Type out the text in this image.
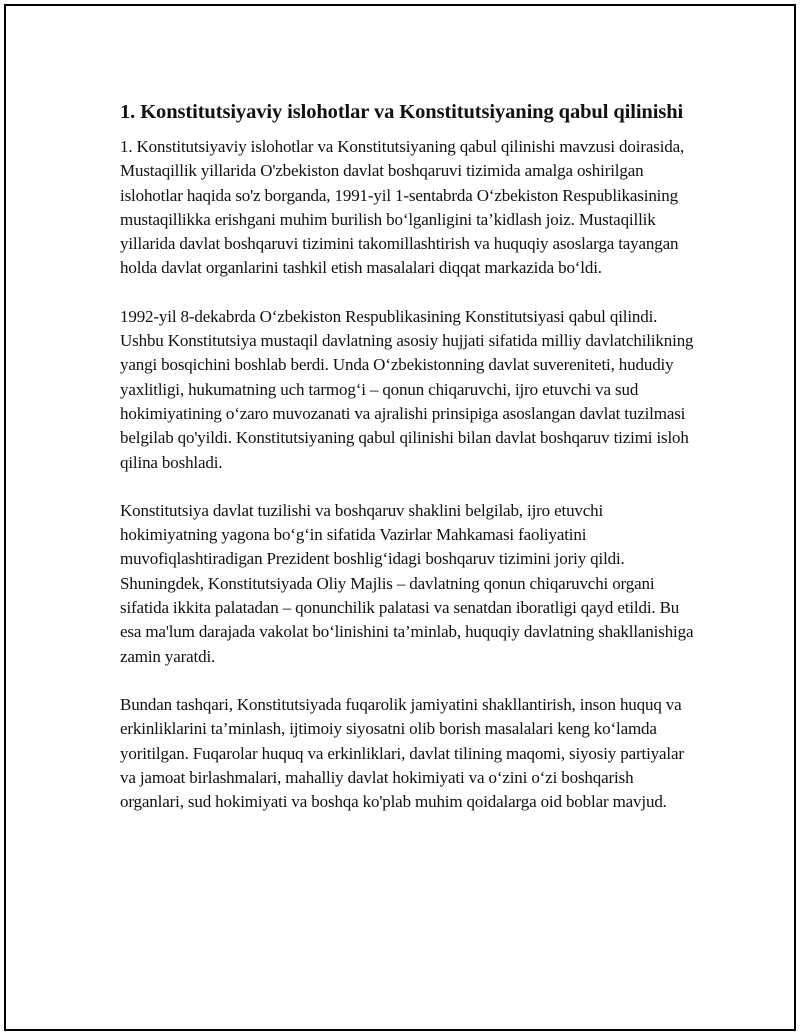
1. Konstitutsiyaviy islohotlar va Konstitutsiyaning qabul qilinishi

1. Konstitutsiyaviy islohotlar va Konstitutsiyaning qabul qilinishi mavzusi doirasida, Mustaqillik yillarida O'zbekiston davlat boshqaruvi tizimida amalga oshirilgan islohotlar haqida so'z borganda, 1991-yil 1-sentabrda O‘zbekiston Respublikasining mustaqillikka erishgani muhim burilish bo‘lganligini ta’kidlash joiz. Mustaqillik yillarida davlat boshqaruvi tizimini takomillashtirish va huquqiy asoslarga tayangan holda davlat organlarini tashkil etish masalalari diqqat markazida bo‘ldi.

1992-yil 8-dekabrda O‘zbekiston Respublikasining Konstitutsiyasi qabul qilindi. Ushbu Konstitutsiya mustaqil davlatning asosiy hujjati sifatida milliy davlatchilikning yangi bosqichini boshlab berdi. Unda O‘zbekistonning davlat suvereniteti, hududiy yaxlitligi, hukumatning uch tarmog‘i – qonun chiqaruvchi, ijro etuvchi va sud hokimiyatining o‘zaro muvozanati va ajralishi prinsipiga asoslangan davlat tuzilmasi belgilab qo'yildi. Konstitutsiyaning qabul qilinishi bilan davlat boshqaruv tizimi isloh qilina boshladi.

Konstitutsiya davlat tuzilishi va boshqaruv shaklini belgilab, ijro etuvchi hokimiyatning yagona bo‘g‘in sifatida Vazirlar Mahkamasi faoliyatini muvofiqlashtiradigan Prezident boshlig‘idagi boshqaruv tizimini joriy qildi. Shuningdek, Konstitutsiyada Oliy Majlis – davlatning qonun chiqaruvchi organi sifatida ikkita palatadan – qonunchilik palatasi va senatdan iboratligi qayd etildi. Bu esa ma'lum darajada vakolat bo‘linishini ta’minlab, huquqiy davlatning shakllanishiga zamin yaratdi.

Bundan tashqari, Konstitutsiyada fuqarolik jamiyatini shakllantirish, inson huquq va erkinliklarini ta’minlash, ijtimoiy siyosatni olib borish masalalari keng ko‘lamda yoritilgan. Fuqarolar huquq va erkinliklari, davlat tilining maqomi, siyosiy partiyalar va jamoat birlashmalari, mahalliy davlat hokimiyati va o‘zini o‘zi boshqarish organlari, sud hokimiyati va boshqa ko'plab muhim qoidalarga oid boblar mavjud.
